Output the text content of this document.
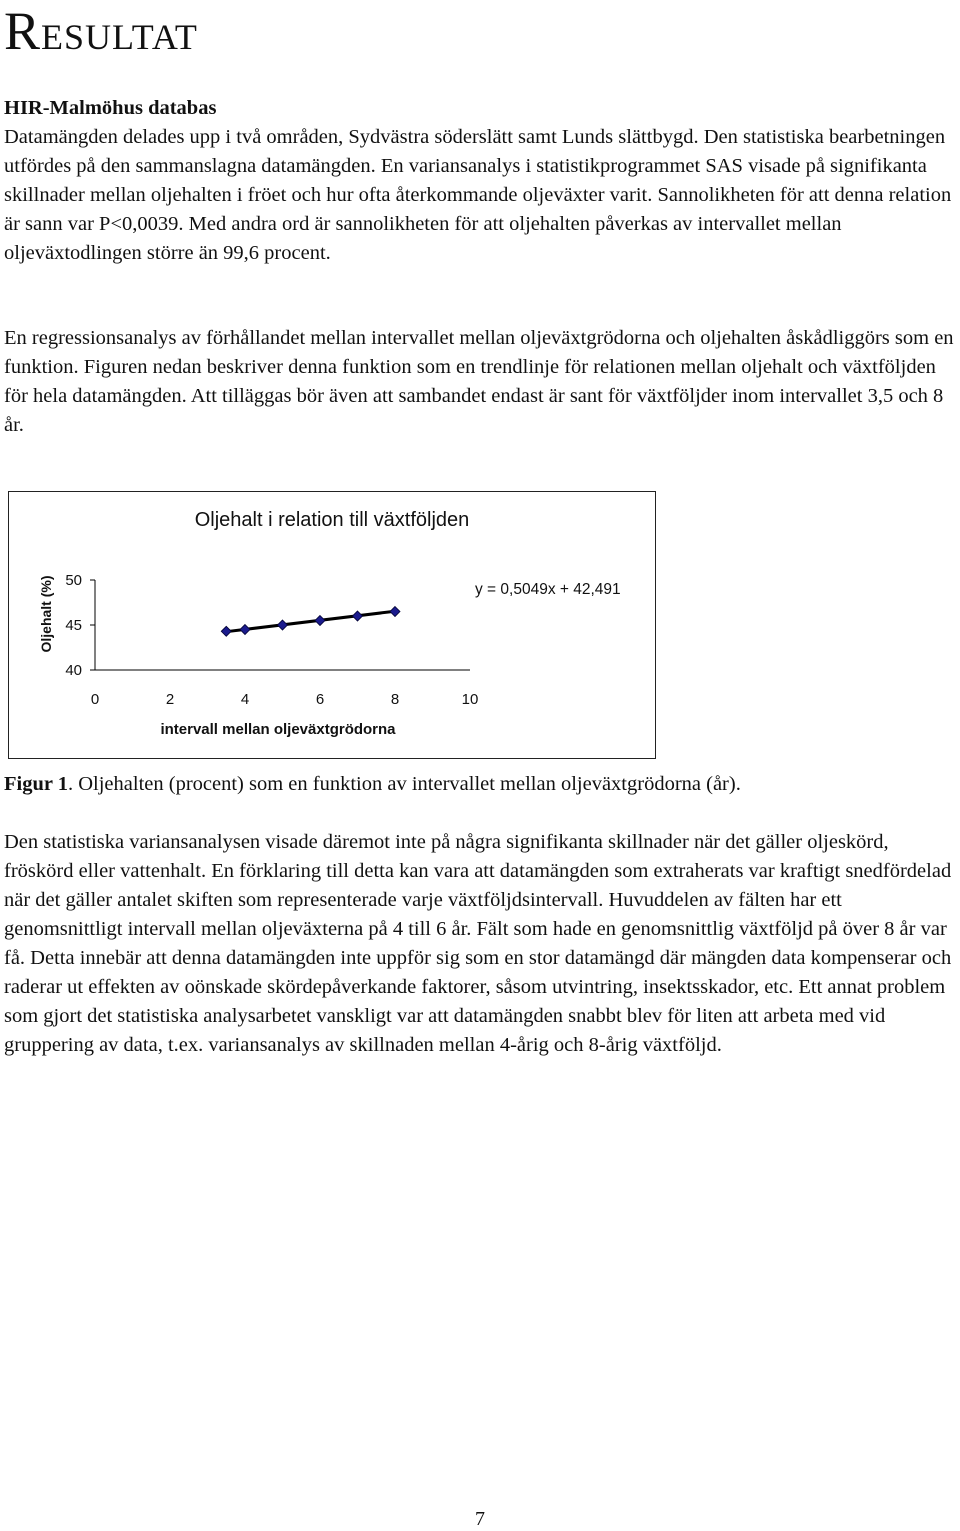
RESULTAT
HIR-Malmöhus databas

Datamängden delades upp i två områden, Sydvästra söderslätt samt Lunds slättbygd. Den statistiska bearbetningen utfördes på den sammanslagna datamängden. En variansanalys i statistikprogrammet SAS visade på signifikanta skillnader mellan oljehalten i fröet och hur ofta återkommande oljeväxter varit. Sannolikheten för att denna relation är sann var P<0,0039. Med andra ord är sannolikheten för att oljehalten påverkas av intervallet mellan oljeväxtodlingen större än 99,6 procent.

En regressionsanalys av förhållandet mellan intervallet mellan oljeväxtgrödorna och oljehalten åskådliggörs som en funktion. Figuren nedan beskriver denna funktion som en trendlinje för relationen mellan oljehalt och växtföljden för hela datamängden. Att tilläggas bör även att sambandet endast är sant för växtföljder inom intervallet 3,5 och 8 år.

Oljehalt i relation till växtföljden
Oljehalt (%)
intervall mellan oljeväxtgrödorna
y = 0,5049x + 42,491
40
45
50
0	2	4	6	8	10
Figur 1. Oljehalten (procent) som en funktion av intervallet mellan oljeväxtgrödorna (år).

Den statistiska variansanalysen visade däremot inte på några signifikanta skillnader när det gäller oljeskörd, fröskörd eller vattenhalt. En förklaring till detta kan vara att datamängden som extraherats var kraftigt snedfördelad när det gäller antalet skiften som representerade varje växtföljdsintervall. Huvuddelen av fälten har ett genomsnittligt intervall mellan oljeväxterna på 4 till 6 år. Fält som hade en genomsnittlig växtföljd på över 8 år var få. Detta innebär att denna datamängden inte uppför sig som en stor datamängd där mängden data kompenserar och raderar ut effekten av oönskade skördepåverkande faktorer, såsom utvintring, insektsskador, etc. Ett annat problem som gjort det statistiska analysarbetet vanskligt var att datamängden snabbt blev för liten att arbeta med vid gruppering av data, t.ex. variansanalys av skillnaden mellan 4-årig och 8-årig växtföljd.

7
